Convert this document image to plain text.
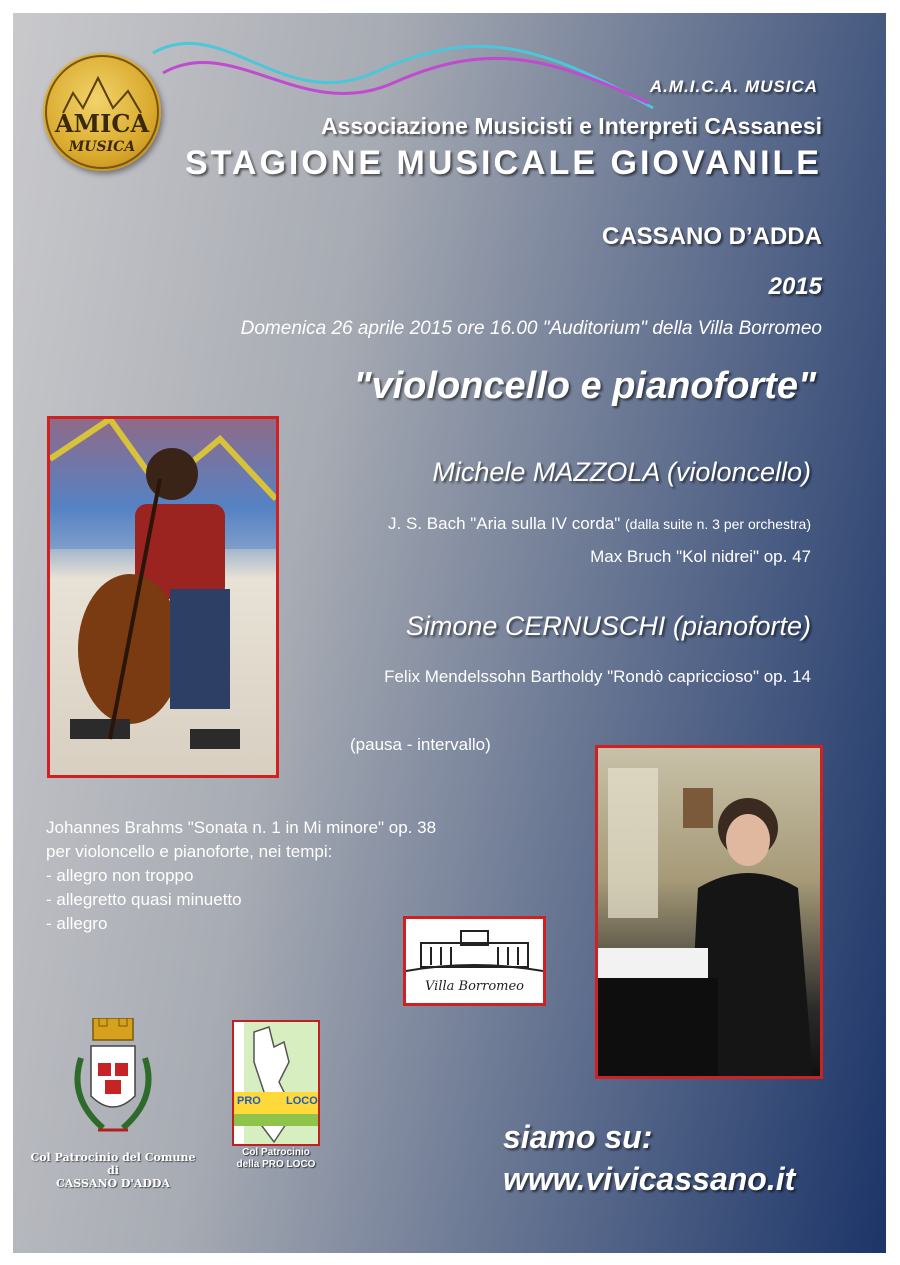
AMICA
MUSICA
A.M.I.C.A. MUSICA
Associazione Musicisti e Interpreti CAssanesi
STAGIONE MUSICALE GIOVANILE
CASSANO D’ADDA
2015
Domenica 26 aprile 2015 ore 16.00 "Auditorium" della Villa Borromeo
"violoncello e pianoforte"
Michele MAZZOLA (violoncello)
J. S. Bach "Aria sulla IV corda" (dalla suite n. 3 per orchestra)
Max Bruch "Kol nidrei" op. 47
Simone CERNUSCHI (pianoforte)
Felix Mendelssohn Bartholdy "Rondò capriccioso" op. 14
(pausa - intervallo)
Johannes Brahms "Sonata n. 1 in Mi minore" op. 38
per violoncello e pianoforte, nei tempi:
- allegro non troppo
- allegretto quasi minuetto
- allegro
Villa Borromeo
Col Patrocinio del Comune di
CASSANO D'ADDA
PRO LOCO
Col Patrocinio
della PRO LOCO
siamo su:
www.vivicassano.it
